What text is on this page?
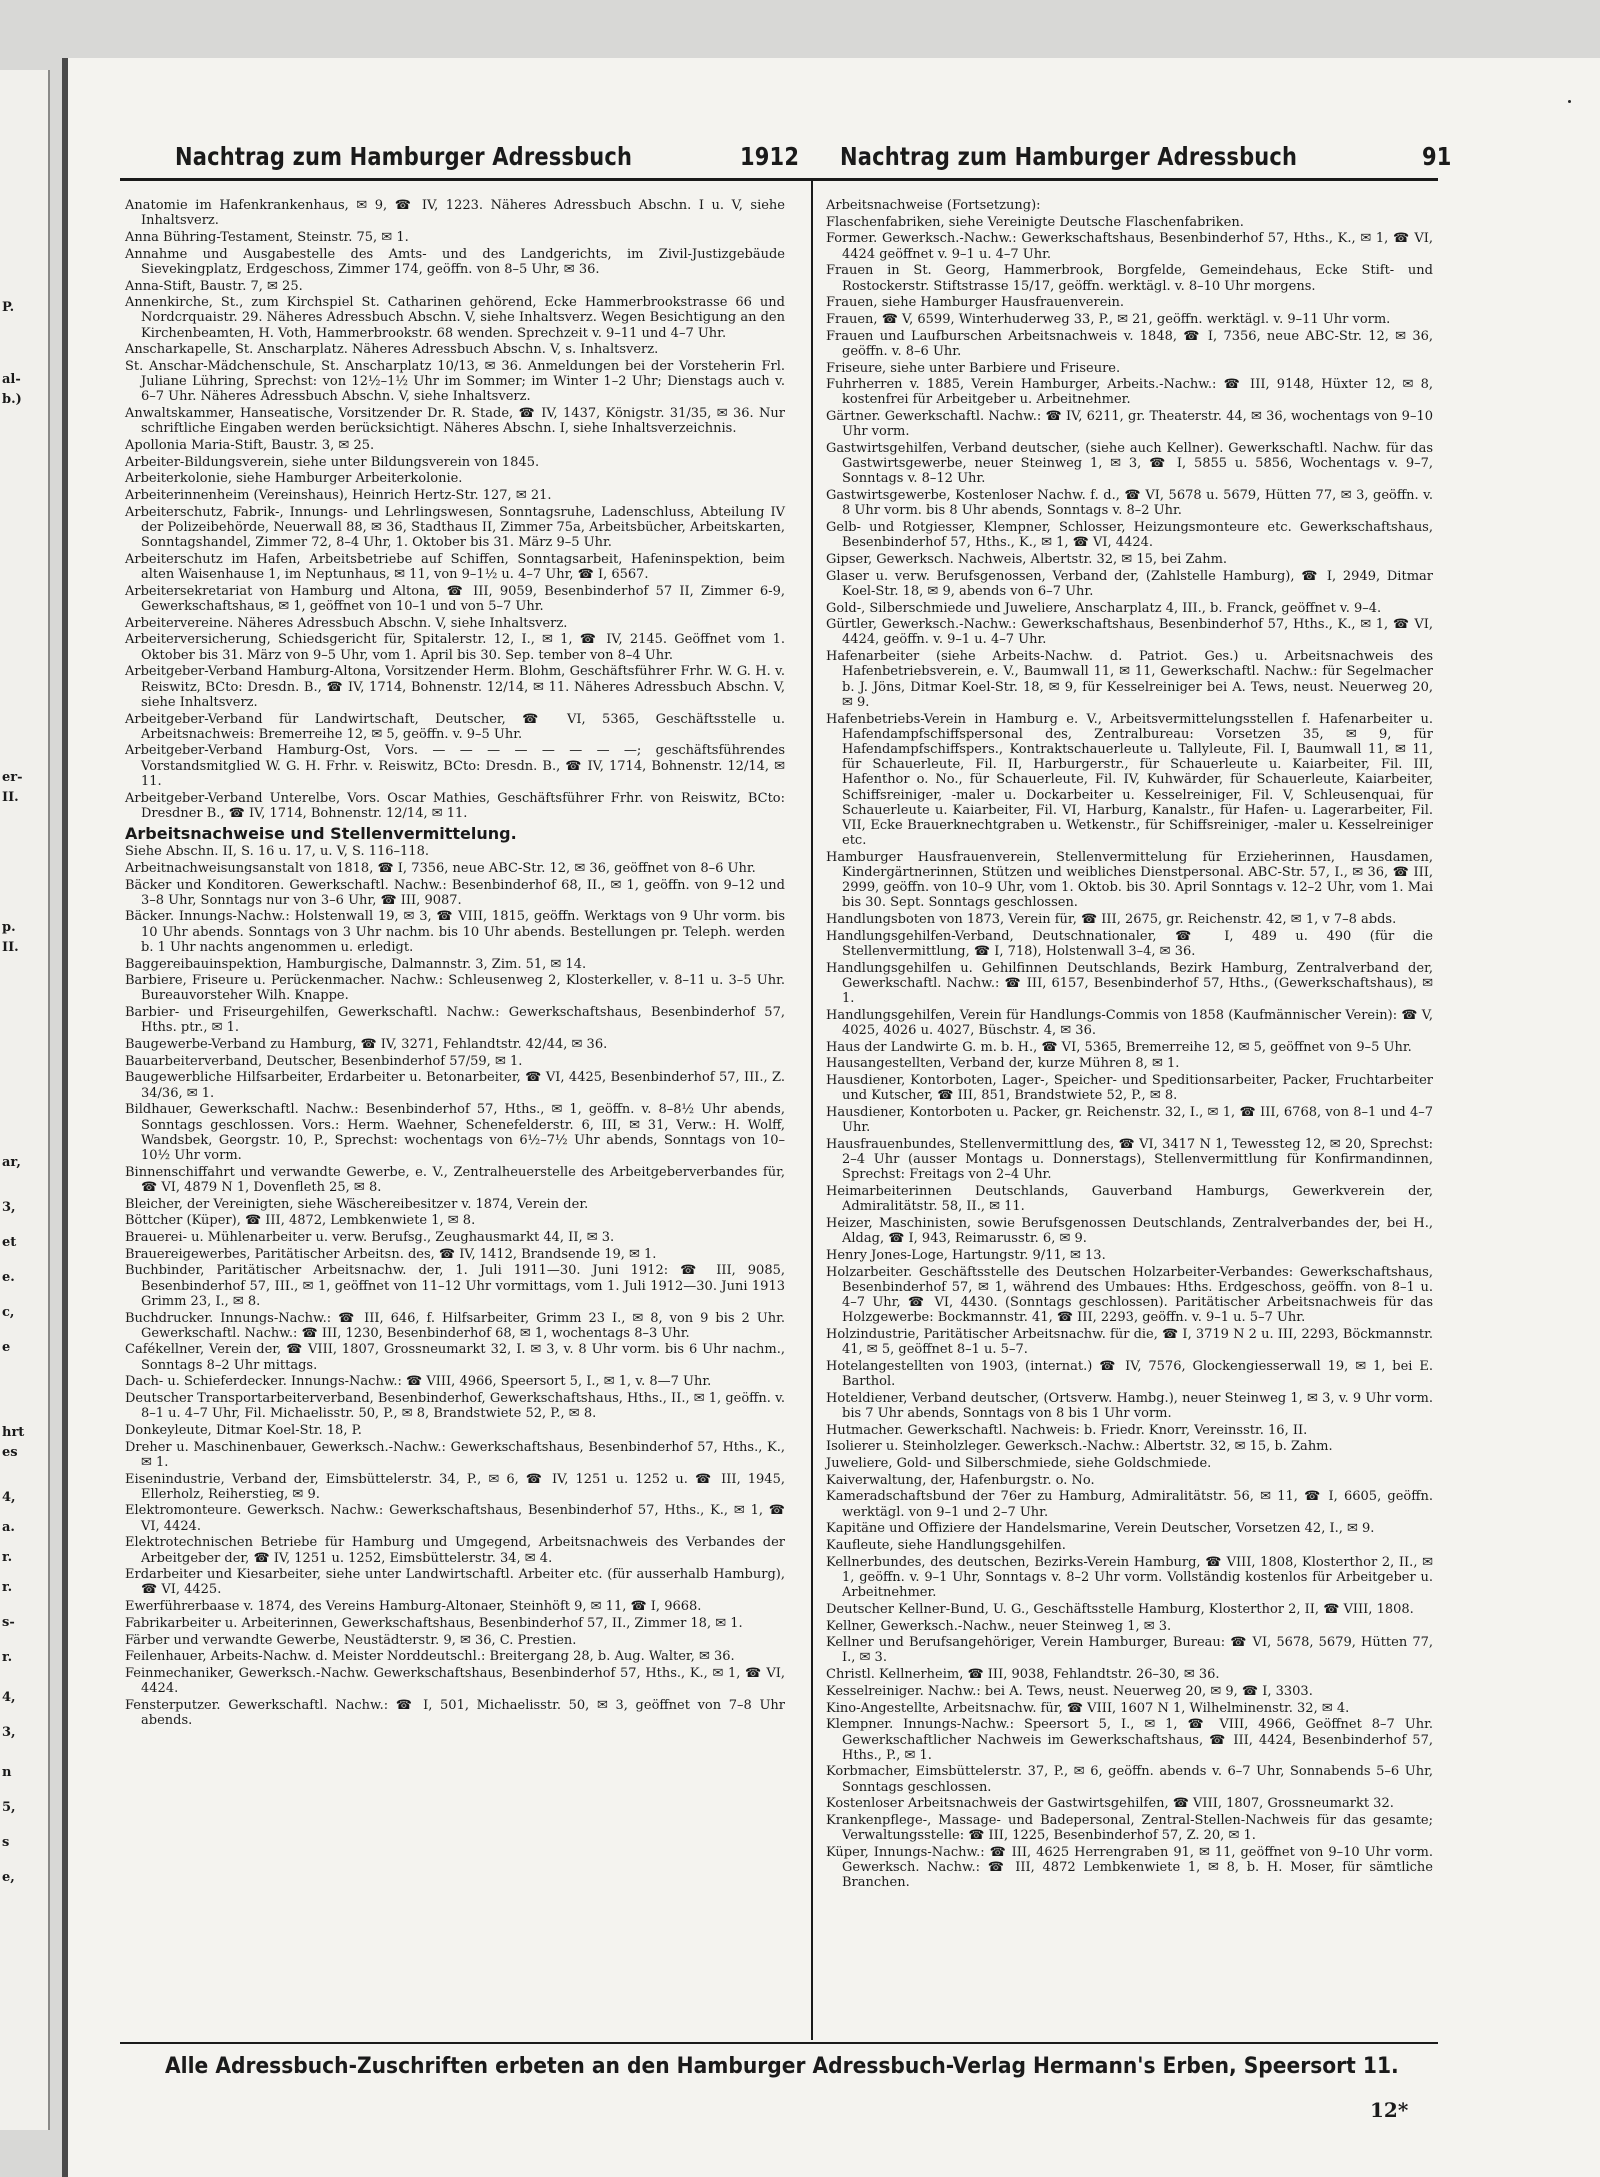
P.
al-
b.)
er-
II.
p.
II.
ar,
3,
et
e.
c,
e
hrt
es
4,
a.
r.
r.
s-
r.
4,
3,
n
5,
s
e,
Nachtrag zum Hamburger Adressbuch	1912 Nachtrag zum Hamburger Adressbuch	91
Anatomie im Hafenkrankenhaus, ✉ 9, ☎ IV, 1223. Näheres Adressbuch Abschn. I u. V, siehe Inhaltsverz.
Anna Bühring-Testament, Steinstr. 75, ✉ 1.
Annahme und Ausgabestelle des Amts- und des Landgerichts, im Zivil-Justizgebäude Sievekingplatz, Erdgeschoss, Zimmer 174, geöffn. von 8–5 Uhr, ✉ 36.
Anna-Stift, Baustr. 7, ✉ 25.
Annenkirche, St., zum Kirchspiel St. Catharinen gehörend, Ecke Hammerbrookstrasse 66 und Nordcrquaistr. 29. Näheres Adressbuch Abschn. V, siehe Inhaltsverz. Wegen Besichtigung an den Kirchenbeamten, H. Voth, Hammerbrookstr. 68 wenden. Sprechzeit v. 9–11 und 4–7 Uhr.
Anscharkapelle, St. Anscharplatz. Näheres Adressbuch Abschn. V, s. Inhaltsverz.
St. Anschar-Mädchenschule, St. Anscharplatz 10/13, ✉ 36. Anmeldungen bei der Vorsteherin Frl. Juliane Lühring, Sprechst: von 12½–1½ Uhr im Sommer; im Winter 1–2 Uhr; Dienstags auch v. 6–7 Uhr. Näheres Adressbuch Abschn. V, siehe Inhaltsverz.
Anwaltskammer, Hanseatische, Vorsitzender Dr. R. Stade, ☎ IV, 1437, Königstr. 31/35, ✉ 36. Nur schriftliche Eingaben werden berücksichtigt. Näheres Abschn. I, siehe Inhaltsverzeichnis.
Apollonia Maria-Stift, Baustr. 3, ✉ 25.
Arbeiter-Bildungsverein, siehe unter Bildungsverein von 1845.
Arbeiterkolonie, siehe Hamburger Arbeiterkolonie.
Arbeiterinnenheim (Vereinshaus), Heinrich Hertz-Str. 127, ✉ 21.
Arbeiterschutz, Fabrik-, Innungs- und Lehrlingswesen, Sonntagsruhe, Ladenschluss, Abteilung IV der Polizeibehörde, Neuerwall 88, ✉ 36, Stadthaus II, Zimmer 75a, Arbeitsbücher, Arbeitskarten, Sonntagshandel, Zimmer 72, 8–4 Uhr, 1. Oktober bis 31. März 9–5 Uhr.
Arbeiterschutz im Hafen, Arbeitsbetriebe auf Schiffen, Sonntagsarbeit, Hafeninspektion, beim alten Waisenhause 1, im Neptunhaus, ✉ 11, von 9–1½ u. 4–7 Uhr, ☎ I, 6567.
Arbeitersekretariat von Hamburg und Altona, ☎ III, 9059, Besenbinderhof 57 II, Zimmer 6-9, Gewerkschaftshaus, ✉ 1, geöffnet von 10–1 und von 5–7 Uhr.
Arbeitervereine. Näheres Adressbuch Abschn. V, siehe Inhaltsverz.
Arbeiterversicherung, Schiedsgericht für, Spitalerstr. 12, I., ✉ 1, ☎ IV, 2145. Geöffnet vom 1. Oktober bis 31. März von 9–5 Uhr, vom 1. April bis 30. Sep. tember von 8–4 Uhr.
Arbeitgeber-Verband Hamburg-Altona, Vorsitzender Herm. Blohm, Geschäftsführer Frhr. W. G. H. v. Reiswitz, BCto: Dresdn. B., ☎ IV, 1714, Bohnenstr. 12/14, ✉ 11. Näheres Adressbuch Abschn. V, siehe Inhaltsverz.
Arbeitgeber-Verband für Landwirtschaft, Deutscher, ☎ VI, 5365, Geschäftsstelle u. Arbeitsnachweis: Bremerreihe 12, ✉ 5, geöffn. v. 9–5 Uhr.
Arbeitgeber-Verband Hamburg-Ost, Vors. — — — — — — — —; geschäftsführendes Vorstandsmitglied W. G. H. Frhr. v. Reiswitz, BCto: Dresdn. B., ☎ IV, 1714, Bohnenstr. 12/14, ✉ 11.
Arbeitgeber-Verband Unterelbe, Vors. Oscar Mathies, Geschäftsführer Frhr. von Reiswitz, BCto: Dresdner B., ☎ IV, 1714, Bohnenstr. 12/14, ✉ 11.
Arbeitsnachweise und Stellenvermittelung.
Siehe Abschn. II, S. 16 u. 17, u. V, S. 116–118.
Arbeitnachweisungsanstalt von 1818, ☎ I, 7356, neue ABC-Str. 12, ✉ 36, geöffnet von 8–6 Uhr.
Bäcker und Konditoren. Gewerkschaftl. Nachw.: Besenbinderhof 68, II., ✉ 1, geöffn. von 9–12 und 3–8 Uhr, Sonntags nur von 3–6 Uhr, ☎ III, 9087.
Bäcker. Innungs-Nachw.: Holstenwall 19, ✉ 3, ☎ VIII, 1815, geöffn. Werktags von 9 Uhr vorm. bis 10 Uhr abends. Sonntags von 3 Uhr nachm. bis 10 Uhr abends. Bestellungen pr. Teleph. werden b. 1 Uhr nachts angenommen u. erledigt.
Baggereibauinspektion, Hamburgische, Dalmannstr. 3, Zim. 51, ✉ 14.
Barbiere, Friseure u. Perückenmacher. Nachw.: Schleusenweg 2, Klosterkeller, v. 8–11 u. 3–5 Uhr. Bureauvorsteher Wilh. Knappe.
Barbier- und Friseurgehilfen, Gewerkschaftl. Nachw.: Gewerkschaftshaus, Besenbinderhof 57, Hths. ptr., ✉ 1.
Baugewerbe-Verband zu Hamburg, ☎ IV, 3271, Fehlandtstr. 42/44, ✉ 36.
Bauarbeiterverband, Deutscher, Besenbinderhof 57/59, ✉ 1.
Baugewerbliche Hilfsarbeiter, Erdarbeiter u. Betonarbeiter, ☎ VI, 4425, Besenbinderhof 57, III., Z. 34/36, ✉ 1.
Bildhauer, Gewerkschaftl. Nachw.: Besenbinderhof 57, Hths., ✉ 1, geöffn. v. 8–8½ Uhr abends, Sonntags geschlossen. Vors.: Herm. Waehner, Schenefelderstr. 6, III, ✉ 31, Verw.: H. Wolff, Wandsbek, Georgstr. 10, P., Sprechst: wochentags von 6½–7½ Uhr abends, Sonntags von 10–10½ Uhr vorm.
Binnenschiffahrt und verwandte Gewerbe, e. V., Zentralheuerstelle des Arbeitgeberverbandes für, ☎ VI, 4879 N 1, Dovenfleth 25, ✉ 8.
Bleicher, der Vereinigten, siehe Wäschereibesitzer v. 1874, Verein der.
Böttcher (Küper), ☎ III, 4872, Lembkenwiete 1, ✉ 8.
Brauerei- u. Mühlenarbeiter u. verw. Berufsg., Zeughausmarkt 44, II, ✉ 3.
Brauereigewerbes, Paritätischer Arbeitsn. des, ☎ IV, 1412, Brandsende 19, ✉ 1.
Buchbinder, Paritätischer Arbeitsnachw. der, 1. Juli 1911—30. Juni 1912: ☎ III, 9085, Besenbinderhof 57, III., ✉ 1, geöffnet von 11–12 Uhr vormittags, vom 1. Juli 1912—30. Juni 1913 Grimm 23, I., ✉ 8.
Buchdrucker. Innungs-Nachw.: ☎ III, 646, f. Hilfsarbeiter, Grimm 23 I., ✉ 8, von 9 bis 2 Uhr. Gewerkschaftl. Nachw.: ☎ III, 1230, Besenbinderhof 68, ✉ 1, wochentags 8–3 Uhr.
Cafékellner, Verein der, ☎ VIII, 1807, Grossneumarkt 32, I. ✉ 3, v. 8 Uhr vorm. bis 6 Uhr nachm., Sonntags 8–2 Uhr mittags.
Dach- u. Schieferdecker. Innungs-Nachw.: ☎ VIII, 4966, Speersort 5, I., ✉ 1, v. 8—7 Uhr.
Deutscher Transportarbeiterverband, Besenbinderhof, Gewerkschaftshaus, Hths., II., ✉ 1, geöffn. v. 8–1 u. 4–7 Uhr, Fil. Michaelisstr. 50, P., ✉ 8, Brandstwiete 52, P., ✉ 8.
Donkeyleute, Ditmar Koel-Str. 18, P.
Dreher u. Maschinenbauer, Gewerksch.-Nachw.: Gewerkschaftshaus, Besenbinderhof 57, Hths., K., ✉ 1.
Eisenindustrie, Verband der, Eimsbüttelerstr. 34, P., ✉ 6, ☎ IV, 1251 u. 1252 u. ☎ III, 1945, Ellerholz, Reiherstieg, ✉ 9.
Elektromonteure. Gewerksch. Nachw.: Gewerkschaftshaus, Besenbinderhof 57, Hths., K., ✉ 1, ☎ VI, 4424.
Elektrotechnischen Betriebe für Hamburg und Umgegend, Arbeitsnachweis des Verbandes der Arbeitgeber der, ☎ IV, 1251 u. 1252, Eimsbüttelerstr. 34, ✉ 4.
Erdarbeiter und Kiesarbeiter, siehe unter Landwirtschaftl. Arbeiter etc. (für ausserhalb Hamburg), ☎ VI, 4425.
Ewerführerbaase v. 1874, des Vereins Hamburg-Altonaer, Steinhöft 9, ✉ 11, ☎ I, 9668.
Fabrikarbeiter u. Arbeiterinnen, Gewerkschaftshaus, Besenbinderhof 57, II., Zimmer 18, ✉ 1.
Färber und verwandte Gewerbe, Neustädterstr. 9, ✉ 36, C. Prestien.
Feilenhauer, Arbeits-Nachw. d. Meister Norddeutschl.: Breitergang 28, b. Aug. Walter, ✉ 36.
Feinmechaniker, Gewerksch.-Nachw. Gewerkschaftshaus, Besenbinderhof 57, Hths., K., ✉ 1, ☎ VI, 4424.
Fensterputzer. Gewerkschaftl. Nachw.: ☎ I, 501, Michaelisstr. 50, ✉ 3, geöffnet von 7–8 Uhr abends.
Arbeitsnachweise (Fortsetzung):
Flaschenfabriken, siehe Vereinigte Deutsche Flaschenfabriken.
Former. Gewerksch.-Nachw.: Gewerkschaftshaus, Besenbinderhof 57, Hths., K., ✉ 1, ☎ VI, 4424 geöffnet v. 9–1 u. 4–7 Uhr.
Frauen in St. Georg, Hammerbrook, Borgfelde, Gemeindehaus, Ecke Stift- und Rostockerstr. Stiftstrasse 15/17, geöffn. werktägl. v. 8–10 Uhr morgens.
Frauen, siehe Hamburger Hausfrauenverein.
Frauen, ☎ V, 6599, Winterhuderweg 33, P., ✉ 21, geöffn. werktägl. v. 9–11 Uhr vorm.
Frauen und Laufburschen Arbeitsnachweis v. 1848, ☎ I, 7356, neue ABC-Str. 12, ✉ 36, geöffn. v. 8–6 Uhr.
Friseure, siehe unter Barbiere und Friseure.
Fuhrherren v. 1885, Verein Hamburger, Arbeits.-Nachw.: ☎ III, 9148, Hüxter 12, ✉ 8, kostenfrei für Arbeitgeber u. Arbeitnehmer.
Gärtner. Gewerkschaftl. Nachw.: ☎ IV, 6211, gr. Theaterstr. 44, ✉ 36, wochentags von 9–10 Uhr vorm.
Gastwirtsgehilfen, Verband deutscher, (siehe auch Kellner). Gewerkschaftl. Nachw. für das Gastwirtsgewerbe, neuer Steinweg 1, ✉ 3, ☎ I, 5855 u. 5856, Wochentags v. 9–7, Sonntags v. 8–12 Uhr.
Gastwirtsgewerbe, Kostenloser Nachw. f. d., ☎ VI, 5678 u. 5679, Hütten 77, ✉ 3, geöffn. v. 8 Uhr vorm. bis 8 Uhr abends, Sonntags v. 8–2 Uhr.
Gelb- und Rotgiesser, Klempner, Schlosser, Heizungsmonteure etc. Gewerkschaftshaus, Besenbinderhof 57, Hths., K., ✉ 1, ☎ VI, 4424.
Gipser, Gewerksch. Nachweis, Albertstr. 32, ✉ 15, bei Zahm.
Glaser u. verw. Berufsgenossen, Verband der, (Zahlstelle Hamburg), ☎ I, 2949, Ditmar Koel-Str. 18, ✉ 9, abends von 6–7 Uhr.
Gold-, Silberschmiede und Juweliere, Anscharplatz 4, III., b. Franck, geöffnet v. 9–4.
Gürtler, Gewerksch.-Nachw.: Gewerkschaftshaus, Besenbinderhof 57, Hths., K., ✉ 1, ☎ VI, 4424, geöffn. v. 9–1 u. 4–7 Uhr.
Hafenarbeiter (siehe Arbeits-Nachw. d. Patriot. Ges.) u. Arbeitsnachweis des Hafenbetriebsverein, e. V., Baumwall 11, ✉ 11, Gewerkschaftl. Nachw.: für Segelmacher b. J. Jöns, Ditmar Koel-Str. 18, ✉ 9, für Kesselreiniger bei A. Tews, neust. Neuerweg 20, ✉ 9.
Hafenbetriebs-Verein in Hamburg e. V., Arbeitsvermittelungsstellen f. Hafenarbeiter u. Hafendampfschiffspersonal des, Zentralbureau: Vorsetzen 35, ✉ 9, für Hafendampfschiffspers., Kontraktschauerleute u. Tallyleute, Fil. I, Baumwall 11, ✉ 11, für Schauerleute, Fil. II, Harburgerstr., für Schauerleute u. Kaiarbeiter, Fil. III, Hafenthor o. No., für Schauerleute, Fil. IV, Kuhwärder, für Schauerleute, Kaiarbeiter, Schiffsreiniger, -maler u. Dockarbeiter u. Kesselreiniger, Fil. V, Schleusenquai, für Schauerleute u. Kaiarbeiter, Fil. VI, Harburg, Kanalstr., für Hafen- u. Lagerarbeiter, Fil. VII, Ecke Brauerknechtgraben u. Wetkenstr., für Schiffsreiniger, -maler u. Kesselreiniger etc.
Hamburger Hausfrauenverein, Stellenvermittelung für Erzieherinnen, Hausdamen, Kindergärtnerinnen, Stützen und weibliches Dienstpersonal. ABC-Str. 57, I., ✉ 36, ☎ III, 2999, geöffn. von 10–9 Uhr, vom 1. Oktob. bis 30. April Sonntags v. 12–2 Uhr, vom 1. Mai bis 30. Sept. Sonntags geschlossen.
Handlungsboten von 1873, Verein für, ☎ III, 2675, gr. Reichenstr. 42, ✉ 1, v 7–8 abds.
Handlungsgehilfen-Verband, Deutschnationaler, ☎ I, 489 u. 490 (für die Stellenvermittlung, ☎ I, 718), Holstenwall 3–4, ✉ 36.
Handlungsgehilfen u. Gehilfinnen Deutschlands, Bezirk Hamburg, Zentralverband der, Gewerkschaftl. Nachw.: ☎ III, 6157, Besenbinderhof 57, Hths., (Gewerkschaftshaus), ✉ 1.
Handlungsgehilfen, Verein für Handlungs-Commis von 1858 (Kaufmännischer Verein): ☎ V, 4025, 4026 u. 4027, Büschstr. 4, ✉ 36.
Haus der Landwirte G. m. b. H., ☎ VI, 5365, Bremerreihe 12, ✉ 5, geöffnet von 9–5 Uhr.
Hausangestellten, Verband der, kurze Mühren 8, ✉ 1.
Hausdiener, Kontorboten, Lager-, Speicher- und Speditionsarbeiter, Packer, Fruchtarbeiter und Kutscher, ☎ III, 851, Brandstwiete 52, P., ✉ 8.
Hausdiener, Kontorboten u. Packer, gr. Reichenstr. 32, I., ✉ 1, ☎ III, 6768, von 8–1 und 4–7 Uhr.
Hausfrauenbundes, Stellenvermittlung des, ☎ VI, 3417 N 1, Tewessteg 12, ✉ 20, Sprechst: 2–4 Uhr (ausser Montags u. Donnerstags), Stellenvermittlung für Konfirmandinnen, Sprechst: Freitags von 2–4 Uhr.
Heimarbeiterinnen Deutschlands, Gauverband Hamburgs, Gewerkverein der, Admiralitätstr. 58, II., ✉ 11.
Heizer, Maschinisten, sowie Berufsgenossen Deutschlands, Zentralverbandes der, bei H., Aldag, ☎ I, 943, Reimarusstr. 6, ✉ 9.
Henry Jones-Loge, Hartungstr. 9/11, ✉ 13.
Holzarbeiter. Geschäftsstelle des Deutschen Holzarbeiter-Verbandes: Gewerkschaftshaus, Besenbinderhof 57, ✉ 1, während des Umbaues: Hths. Erdgeschoss, geöffn. von 8–1 u. 4–7 Uhr, ☎ VI, 4430. (Sonntags geschlossen). Paritätischer Arbeitsnachweis für das Holzgewerbe: Bockmannstr. 41, ☎ III, 2293, geöffn. v. 9–1 u. 5–7 Uhr.
Holzindustrie, Paritätischer Arbeitsnachw. für die, ☎ I, 3719 N 2 u. III, 2293, Böckmannstr. 41, ✉ 5, geöffnet 8–1 u. 5–7.
Hotelangestellten von 1903, (internat.) ☎ IV, 7576, Glockengiesserwall 19, ✉ 1, bei E. Barthol.
Hoteldiener, Verband deutscher, (Ortsverw. Hambg.), neuer Steinweg 1, ✉ 3, v. 9 Uhr vorm. bis 7 Uhr abends, Sonntags von 8 bis 1 Uhr vorm.
Hutmacher. Gewerkschaftl. Nachweis: b. Friedr. Knorr, Vereinsstr. 16, II.
Isolierer u. Steinholzleger. Gewerksch.-Nachw.: Albertstr. 32, ✉ 15, b. Zahm.
Juweliere, Gold- und Silberschmiede, siehe Goldschmiede.
Kaiverwaltung, der, Hafenburgstr. o. No.
Kameradschaftsbund der 76er zu Hamburg, Admiralitätstr. 56, ✉ 11, ☎ I, 6605, geöffn. werktägl. von 9–1 und 2–7 Uhr.
Kapitäne und Offiziere der Handelsmarine, Verein Deutscher, Vorsetzen 42, I., ✉ 9.
Kaufleute, siehe Handlungsgehilfen.
Kellnerbundes, des deutschen, Bezirks-Verein Hamburg, ☎ VIII, 1808, Klosterthor 2, II., ✉ 1, geöffn. v. 9–1 Uhr, Sonntags v. 8–2 Uhr vorm. Vollständig kostenlos für Arbeitgeber u. Arbeitnehmer.
Deutscher Kellner-Bund, U. G., Geschäftsstelle Hamburg, Klosterthor 2, II, ☎ VIII, 1808.
Kellner, Gewerksch.-Nachw., neuer Steinweg 1, ✉ 3.
Kellner und Berufsangehöriger, Verein Hamburger, Bureau: ☎ VI, 5678, 5679, Hütten 77, I., ✉ 3.
Christl. Kellnerheim, ☎ III, 9038, Fehlandtstr. 26–30, ✉ 36.
Kesselreiniger. Nachw.: bei A. Tews, neust. Neuerweg 20, ✉ 9, ☎ I, 3303.
Kino-Angestellte, Arbeitsnachw. für, ☎ VIII, 1607 N 1, Wilhelminenstr. 32, ✉ 4.
Klempner. Innungs-Nachw.: Speersort 5, I., ✉ 1, ☎ VIII, 4966, Geöffnet 8–7 Uhr. Gewerkschaftlicher Nachweis im Gewerkschaftshaus, ☎ III, 4424, Besenbinderhof 57, Hths., P., ✉ 1.
Korbmacher, Eimsbüttelerstr. 37, P., ✉ 6, geöffn. abends v. 6–7 Uhr, Sonnabends 5–6 Uhr, Sonntags geschlossen.
Kostenloser Arbeitsnachweis der Gastwirtsgehilfen, ☎ VIII, 1807, Grossneumarkt 32.
Krankenpflege-, Massage- und Badepersonal, Zentral-Stellen-Nachweis für das gesamte; Verwaltungsstelle: ☎ III, 1225, Besenbinderhof 57, Z. 20, ✉ 1.
Küper, Innungs-Nachw.: ☎ III, 4625 Herrengraben 91, ✉ 11, geöffnet von 9–10 Uhr vorm. Gewerksch. Nachw.: ☎ III, 4872 Lembkenwiete 1, ✉ 8, b. H. Moser, für sämtliche Branchen.
Alle Adressbuch-Zuschriften erbeten an den Hamburger Adressbuch-Verlag Hermann's Erben, Speersort 11.
12*
